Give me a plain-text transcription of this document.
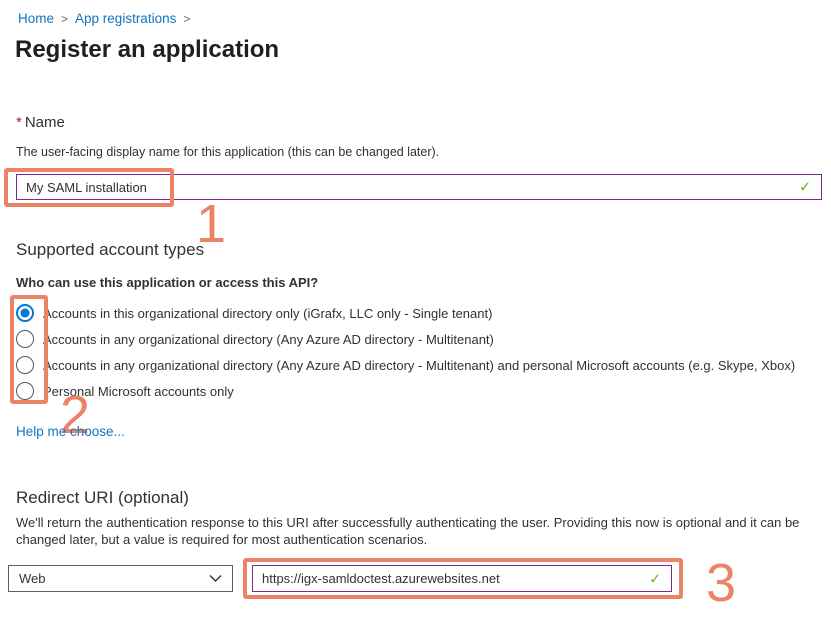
Home > App registrations >
Register an application
* Name
The user-facing display name for this application (this can be changed later).
My SAML installation
✓
1
Supported account types
Who can use this application or access this API?
Accounts in this organizational directory only (iGrafx, LLC only - Single tenant)
Accounts in any organizational directory (Any Azure AD directory - Multitenant)
Accounts in any organizational directory (Any Azure AD directory - Multitenant) and personal Microsoft accounts (e.g. Skype, Xbox)
Personal Microsoft accounts only
2
Help me choose...
Redirect URI (optional)
We'll return the authentication response to this URI after successfully authenticating the user. Providing this now is optional and it can be changed later, but a value is required for most authentication scenarios.
Web
https://igx-samldoctest.azurewebsites.net	✓ 3
